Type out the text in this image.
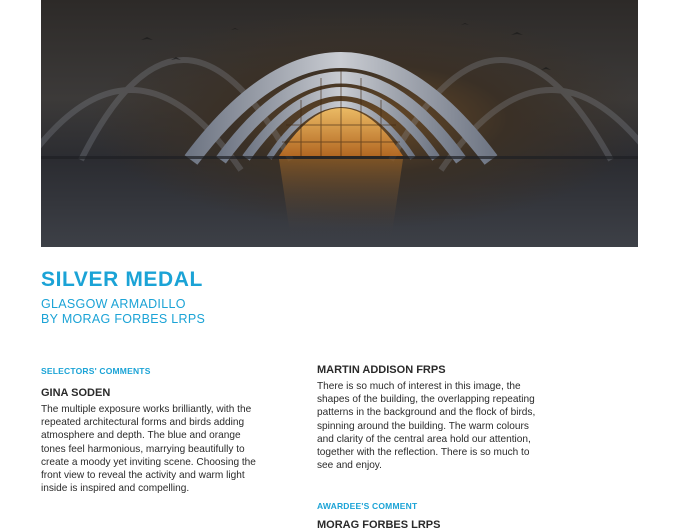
SILVER MEDAL

GLASGOW ARMADILLO

BY MORAG FORBES LRPS

SELECTORS' COMMENTS

GINA SODEN

The multiple exposure works brilliantly, with the repeated architectural forms and birds adding atmosphere and depth. The blue and orange tones feel harmonious, marrying beautifully to create a moody yet inviting scene. Choosing the front view to reveal the activity and warm light inside is inspired and compelling.

MARTIN ADDISON FRPS

There is so much of interest in this image, the shapes of the building, the overlapping repeating patterns in the background and the flock of birds, spinning around the building. The warm colours and clarity of the central area hold our attention, together with the reflection. There is so much to see and enjoy.

AWARDEE'S COMMENT

MORAG FORBES LRPS
